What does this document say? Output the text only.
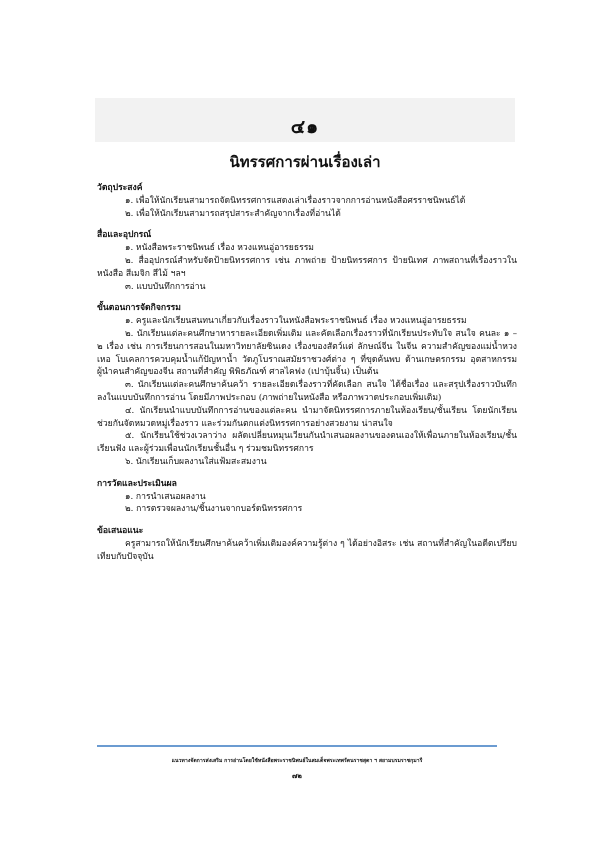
๔๑
นิทรรศการผ่านเรื่องเล่า
วัตถุประสงค์
๑. เพื่อให้นักเรียนสามารถจัดนิทรรศการแสดงเล่าเรื่องราวจากการอ่านหนังสือศรราชนิพนธ์ได้
๒. เพื่อให้นักเรียนสามารถสรุปสาระสำคัญจากเรื่องที่อ่านได้
สื่อและอุปกรณ์
๑. หนังสือพระราชนิพนธ์ เรื่อง หวงแหนอู่อารยธรรม
๒. สื่ออุปกรณ์สำหรับจัดป้ายนิทรรศการ เช่น ภาพถ่าย ป้ายนิทรรศการ ป้ายนิเทศ ภาพสถานที่เรื่องราวในหนังสือ สีเมจิก สีไม้ ฯลฯ
๓. แบบบันทึกการอ่าน
ขั้นตอนการจัดกิจกรรม
๑. ครูและนักเรียนสนทนาเกี่ยวกับเรื่องราวในหนังสือพระราชนิพนธ์ เรื่อง หวงแหนอู่อารยธรรม
๒. นักเรียนแต่ละคนศึกษาหารายละเอียดเพิ่มเติม และคัดเลือกเรื่องราวที่นักเรียนประทับใจ สนใจ คนละ ๑ – ๒ เรื่อง เช่น การเรียนการสอนในมหาวิทยาลัยซินเดง เรื่องของสัตว์แต่ ลักษณ์จีน ในจีน ความสำคัญของแม่น้ำหวงเหอ โบเคลการควบคุมน้ำแก้ปัญหาน้ำ วัดภูโบราณสมัยราชวงศ์ต่าง ๆ ที่ขุดค้นพบ ด้านเกษตรกรรม อุตสาหกรรม ผู้นำคนสำคัญของจีน สถานที่สำคัญ พิพิธภัณฑ์ ศาลไคฟง (เปาบุ้นจิ้น) เป็นต้น
๓. นักเรียนแต่ละคนศึกษาค้นคว้า รายละเอียดเรื่องราวที่คัดเลือก สนใจ ได้ชื่อเรื่อง และสรุปเรื่องราวบันทึกลงในแบบบันทึกการอ่าน โดยมีภาพประกอบ (ภาพถ่ายในหนังสือ หรือภาพวาดประกอบเพิ่มเติม)
๔. นักเรียนนำแบบบันทึกการอ่านของแต่ละคน นำมาจัดนิทรรศการภายในห้องเรียน/ชั้นเรียน โดยนักเรียนช่วยกันจัดหมวดหมู่เรื่องราว และร่วมกันตกแต่งนิทรรศการอย่างสวยงาม น่าสนใจ
๕. นักเรียนใช้ช่วงเวลาว่าง ผลัดเปลี่ยนหมุนเวียนกันนำเสนอผลงานของตนเองให้เพื่อนภายในห้องเรียน/ชั้นเรียนฟัง และผู้ร่วมเพื่อนนักเรียนชั้นอื่น ๆ ร่วมชมนิทรรศการ
๖. นักเรียนเก็บผลงานใส่แฟ้มสะสมงาน
การวัดและประเมินผล
๑. การนำเสนอผลงาน
๒. การตรวจผลงาน/ชิ้นงานจากบอร์ดนิทรรศการ
ข้อเสนอแนะ
ครูสามารถให้นักเรียนศึกษาค้นคว้าเพิ่มเติมองค์ความรู้ต่าง ๆ ได้อย่างอิสระ เช่น สถานที่สำคัญในอดีตเปรียบเทียบกับปัจจุบัน
แนวทางจัดการส่งเสริม การอ่านโดยใช้หนังสือพระราชนิพนธ์ในสมเด็จพระเทพรัตนราชสุดา ฯ สยามบรมราชกุมารี
๗๒
